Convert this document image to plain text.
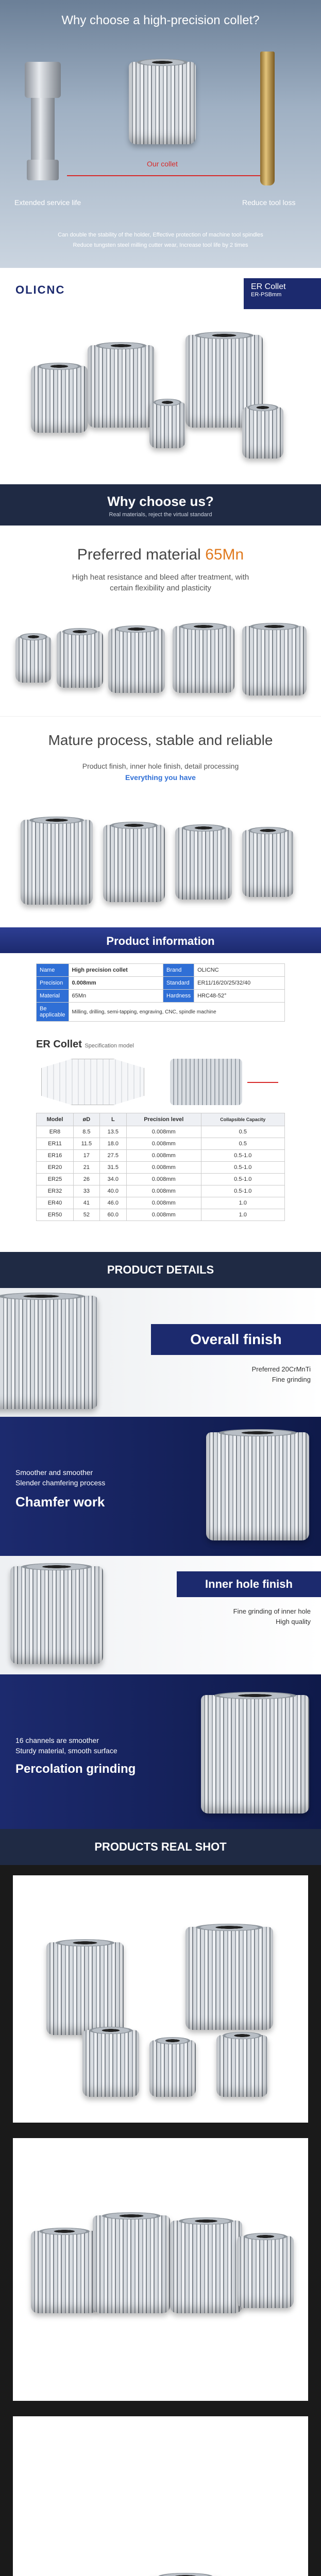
Why choose a high-precision collet?
Extended service life
Our collet
Reduce tool loss
Can double the stability of the holder, Effective protection of machine tool spindles
Reduce tungsten steel milling cutter wear, Increase tool life by 2 times
OLICNC	ER Collet
ER-PSBmm
Why choose us?
Real materials, reject the virtual standard
Preferred material 65Mn
High heat resistance and bleed after treatment, with
certain flexibility and plasticity
Mature process, stable and reliable
Product finish, inner hole finish, detail processing
Everything you have
Product information
Name	High precision collet	Brand	OLICNC
Precision	0.008mm	Standard	ER11/16/20/25/32/40
Material	65Mn	Hardness	HRC48-52°
Be applicable	Milling, drilling, semi-tapping, engraving, CNC, spindle machine		
ER Collet Specification model
Model	øD	L	Precision level	Collapsible Capacity
ER8	8.5	13.5	0.008mm	0.5
ER11	11.5	18.0	0.008mm	0.5
ER16	17	27.5	0.008mm	0.5-1.0
ER20	21	31.5	0.008mm	0.5-1.0
ER25	26	34.0	0.008mm	0.5-1.0
ER32	33	40.0	0.008mm	0.5-1.0
ER40	41	46.0	0.008mm	1.0
ER50	52	60.0	0.008mm	1.0
PRODUCT DETAILS
Overall finish
Preferred 20CrMnTi
Fine grinding
Smoother and smoother
Slender chamfering process
Chamfer work
Inner hole finish
Fine grinding of inner hole
High quality
16 channels are smoother
Sturdy material, smooth surface
Percolation grinding
PRODUCTS REAL SHOT
